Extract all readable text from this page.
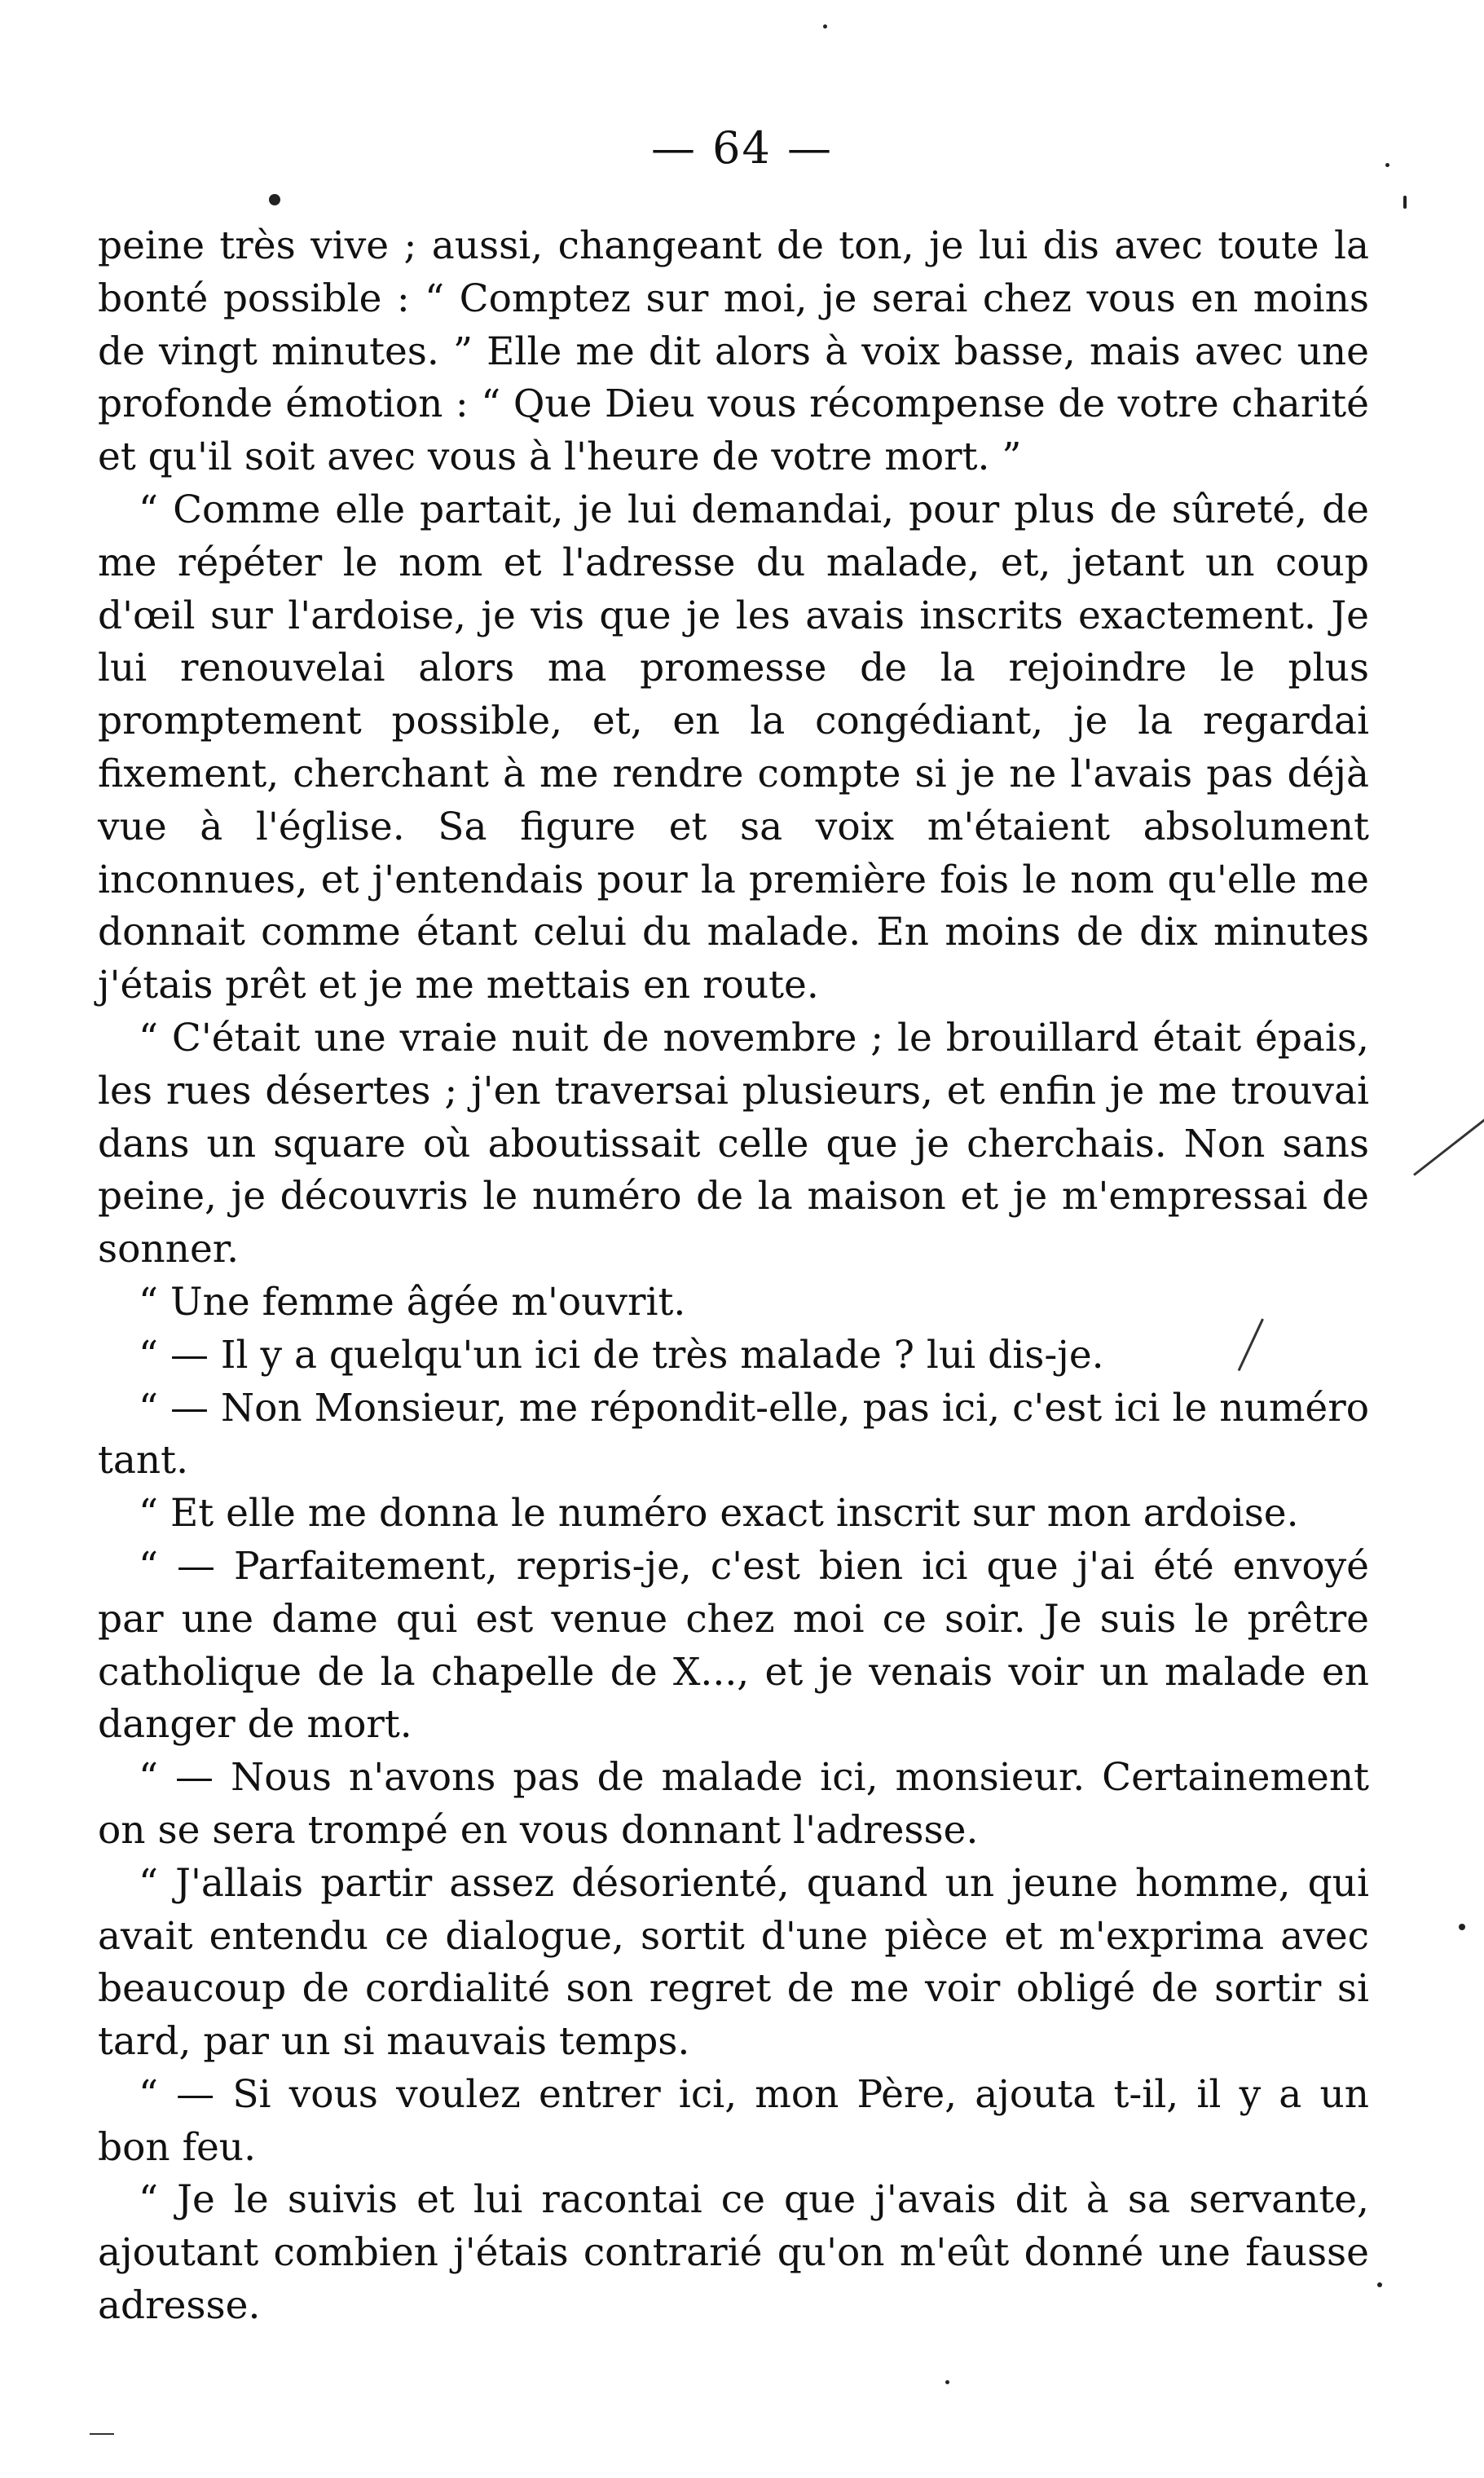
— 64 —

peine très vive ; aussi, changeant de ton, je lui dis avec toute la bonté possible : “ Comptez sur moi, je serai chez vous en moins de vingt minutes. ” Elle me dit alors à voix basse, mais avec une profonde émotion : “ Que Dieu vous récompense de votre charité et qu'il soit avec vous à l'heure de votre mort. ”

“ Comme elle partait, je lui demandai, pour plus de sûreté, de me répéter le nom et l'adresse du malade, et, jetant un coup d'œil sur l'ardoise, je vis que je les avais inscrits exactement. Je lui renouvelai alors ma promesse de la rejoindre le plus promptement possible, et, en la congédiant, je la regardai fixement, cherchant à me rendre compte si je ne l'avais pas déjà vue à l'église. Sa figure et sa voix m'étaient absolument inconnues, et j'entendais pour la première fois le nom qu'elle me donnait comme étant celui du malade. En moins de dix minutes j'étais prêt et je me mettais en route.

“ C'était une vraie nuit de novembre ; le brouillard était épais, les rues désertes ; j'en traversai plusieurs, et enfin je me trouvai dans un square où aboutissait celle que je cherchais. Non sans peine, je découvris le numéro de la maison et je m'empressai de sonner.

“ Une femme âgée m'ouvrit.

“ — Il y a quelqu'un ici de très malade ? lui dis-je.

“ — Non Monsieur, me répondit-elle, pas ici, c'est ici le numéro tant.

“ Et elle me donna le numéro exact inscrit sur mon ardoise.

“ — Parfaitement, repris-je, c'est bien ici que j'ai été envoyé par une dame qui est venue chez moi ce soir. Je suis le prêtre catholique de la chapelle de X..., et je venais voir un malade en danger de mort.

“ — Nous n'avons pas de malade ici, monsieur. Certainement on se sera trompé en vous donnant l'adresse.

“ J'allais partir assez désorienté, quand un jeune homme, qui avait entendu ce dialogue, sortit d'une pièce et m'exprima avec beaucoup de cordialité son regret de me voir obligé de sortir si tard, par un si mauvais temps.

“ — Si vous voulez entrer ici, mon Père, ajouta t-il, il y a un bon feu.

“ Je le suivis et lui racontai ce que j'avais dit à sa servante, ajoutant combien j'étais contrarié qu'on m'eût donné une fausse adresse.
